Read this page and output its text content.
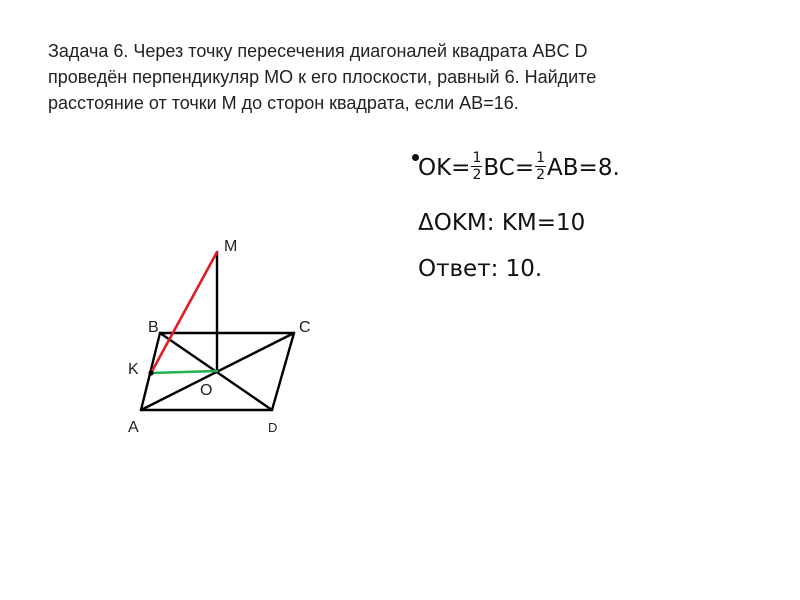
Задача 6. Через точку пересечения диагоналей квадрата ABC D

проведён перпендикуляр МО к его плоскости, равный 6. Найдите

расстояние от точки М до сторон квадрата, если AB=16.

$OK= \frac{1}{2} BC= \frac{1}{2} AB=8$.
ΔOKM: KM=10
Ответ: 10.
M
B	C
K
O
A	D
